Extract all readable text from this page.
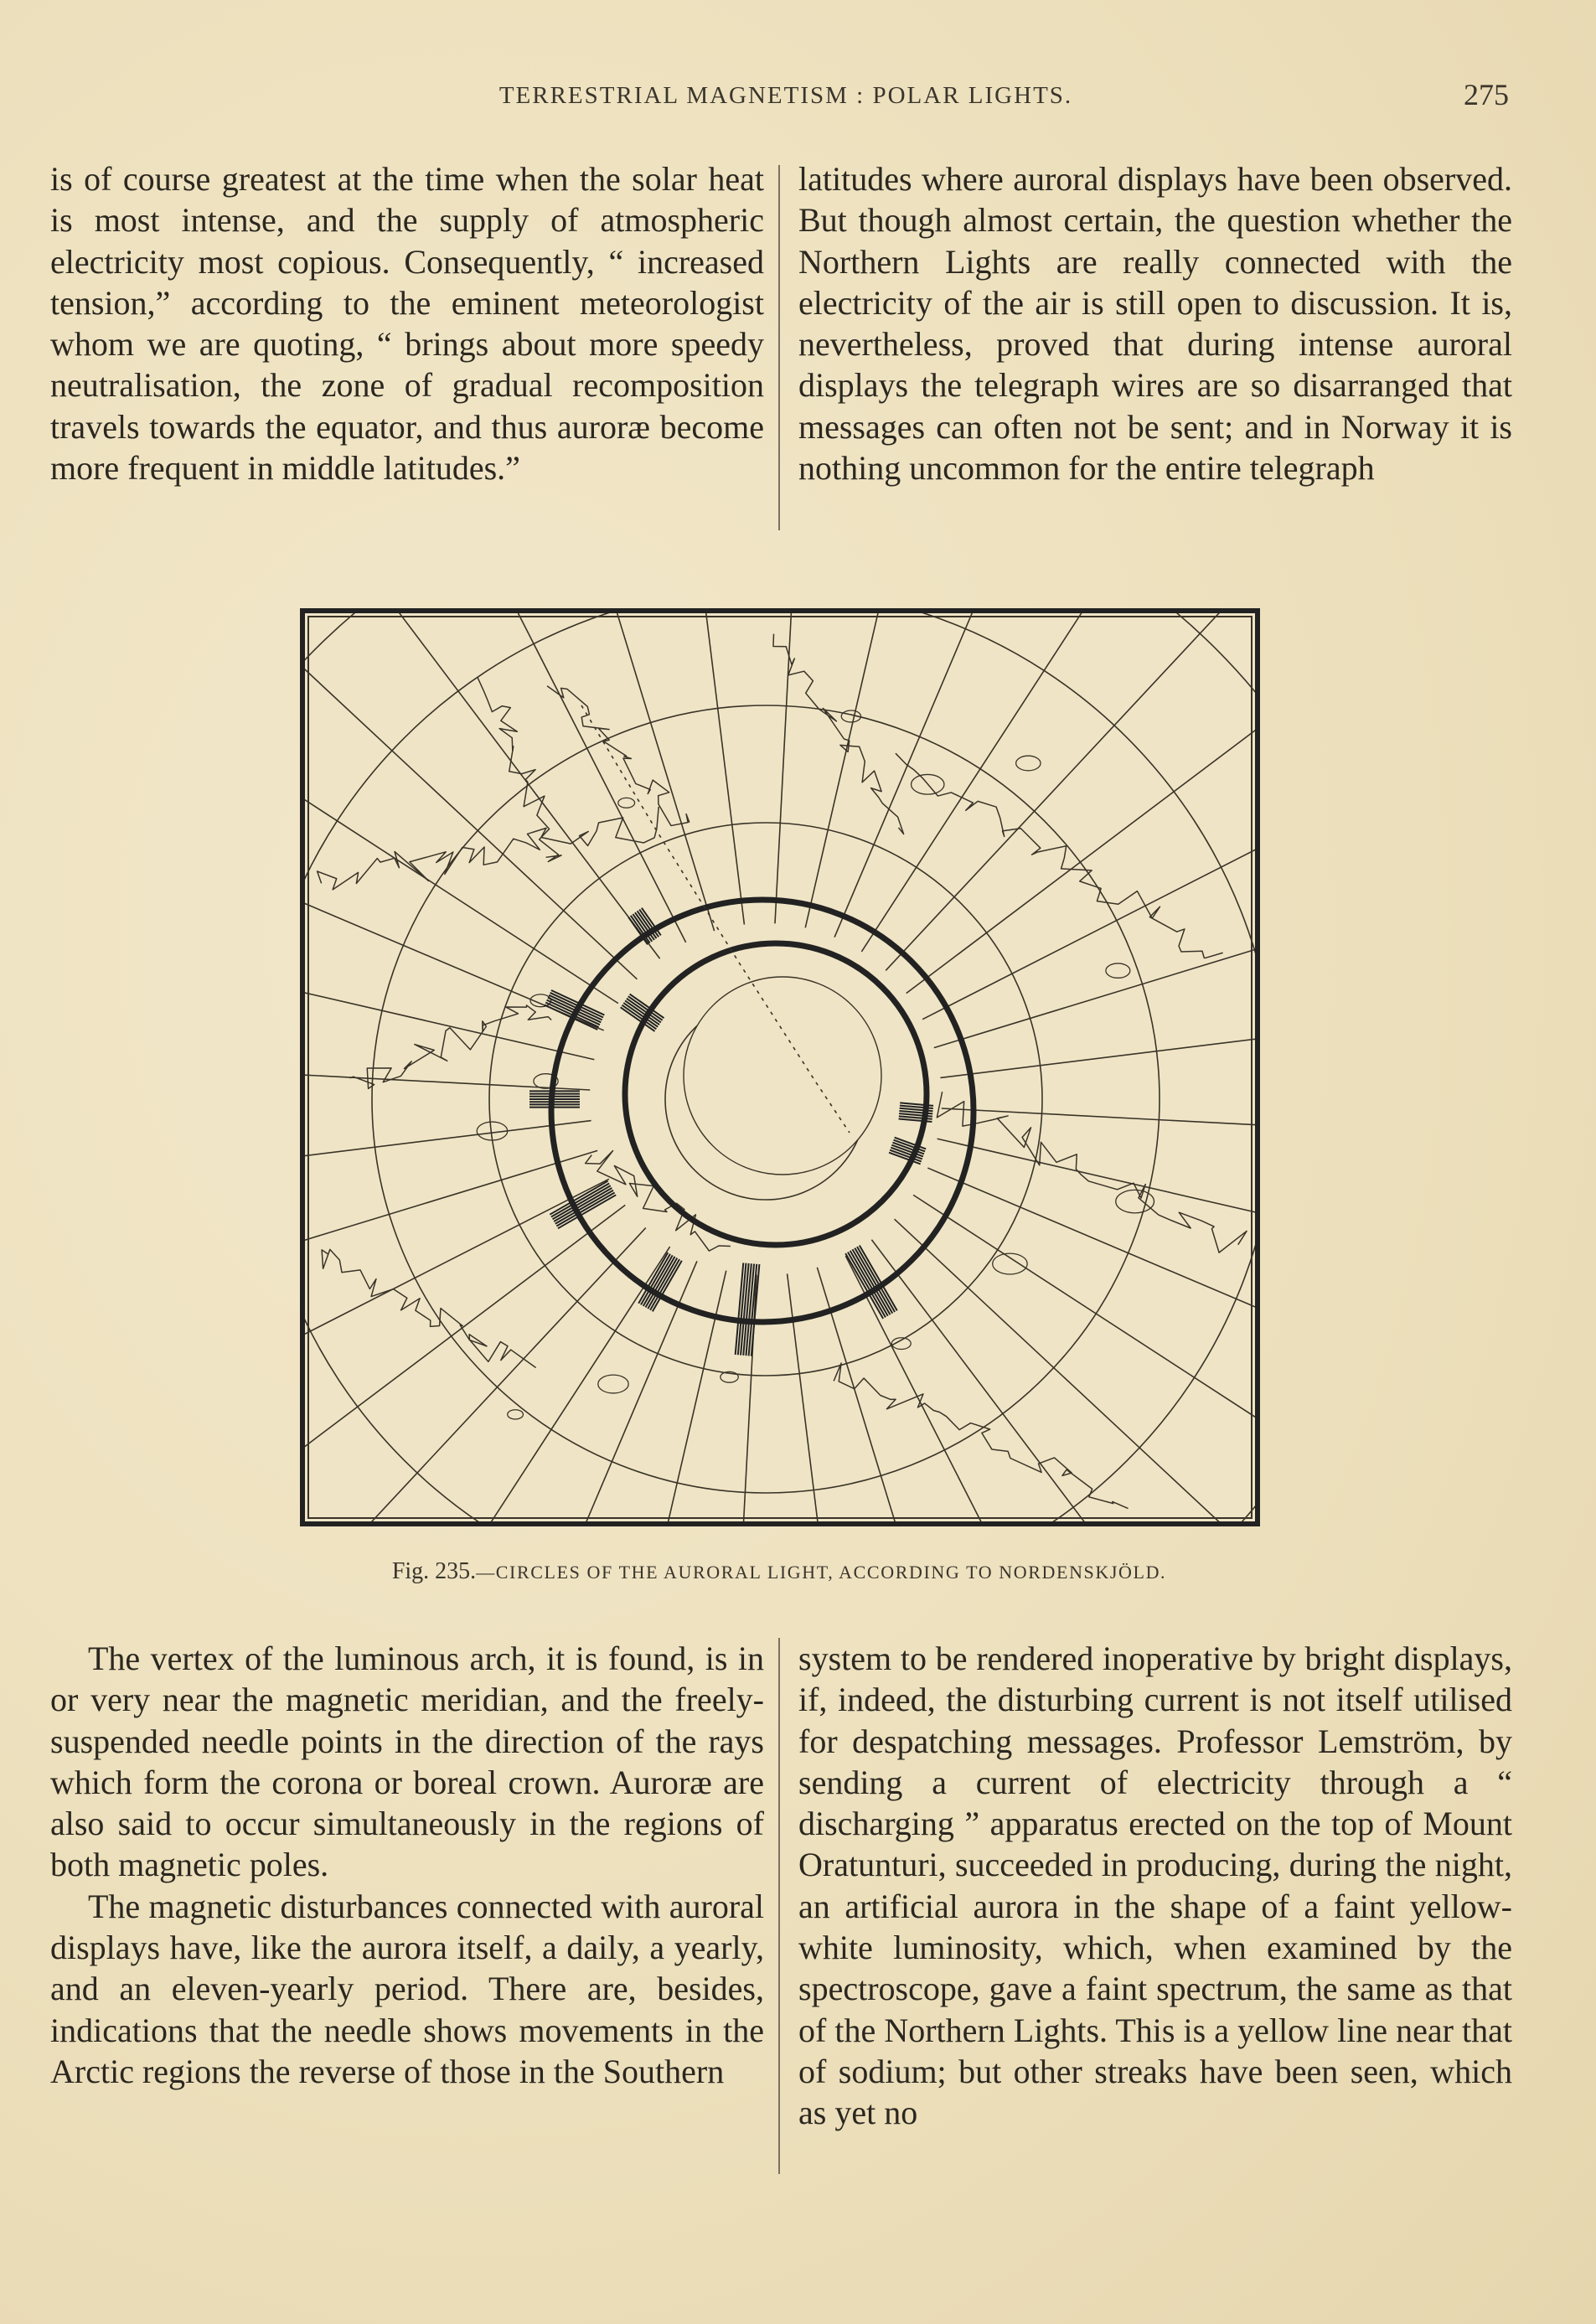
TERRESTRIAL MAGNETISM : POLAR LIGHTS.	275

is of course greatest at the time when the solar heat is most intense, and the supply of atmospheric electricity most copious. Consequently, “ increased tension,” according to the eminent meteorologist whom we are quoting, “ brings about more speedy neutralisation, the zone of gradual recomposition travels towards the equator, and thus auroræ become more frequent in middle latitudes.”

latitudes where auroral displays have been observed. But though almost certain, the question whether the Northern Lights are really connected with the electricity of the air is still open to discussion. It is, nevertheless, proved that during intense auroral displays the telegraph wires are so disarranged that messages can often not be sent; and in Norway it is nothing uncommon for the entire telegraph

Fig. 235.—CIRCLES OF THE AURORAL LIGHT, ACCORDING TO NORDENSKJÖLD.

The vertex of the luminous arch, it is found, is in or very near the magnetic meridian, and the freely-suspended needle points in the direction of the rays which form the corona or boreal crown. Auroræ are also said to occur simultaneously in the regions of both magnetic poles.

The magnetic disturbances connected with auroral displays have, like the aurora itself, a daily, a yearly, and an eleven-yearly period. There are, besides, indications that the needle shows movements in the Arctic regions the reverse of those in the Southern

system to be rendered inoperative by bright displays, if, indeed, the disturbing current is not itself utilised for despatching messages. Professor Lemström, by sending a current of electricity through a “ discharging ” apparatus erected on the top of Mount Oratunturi, succeeded in producing, during the night, an artificial aurora in the shape of a faint yellow-white luminosity, which, when examined by the spectroscope, gave a faint spectrum, the same as that of the Northern Lights. This is a yellow line near that of sodium; but other streaks have been seen, which as yet no
